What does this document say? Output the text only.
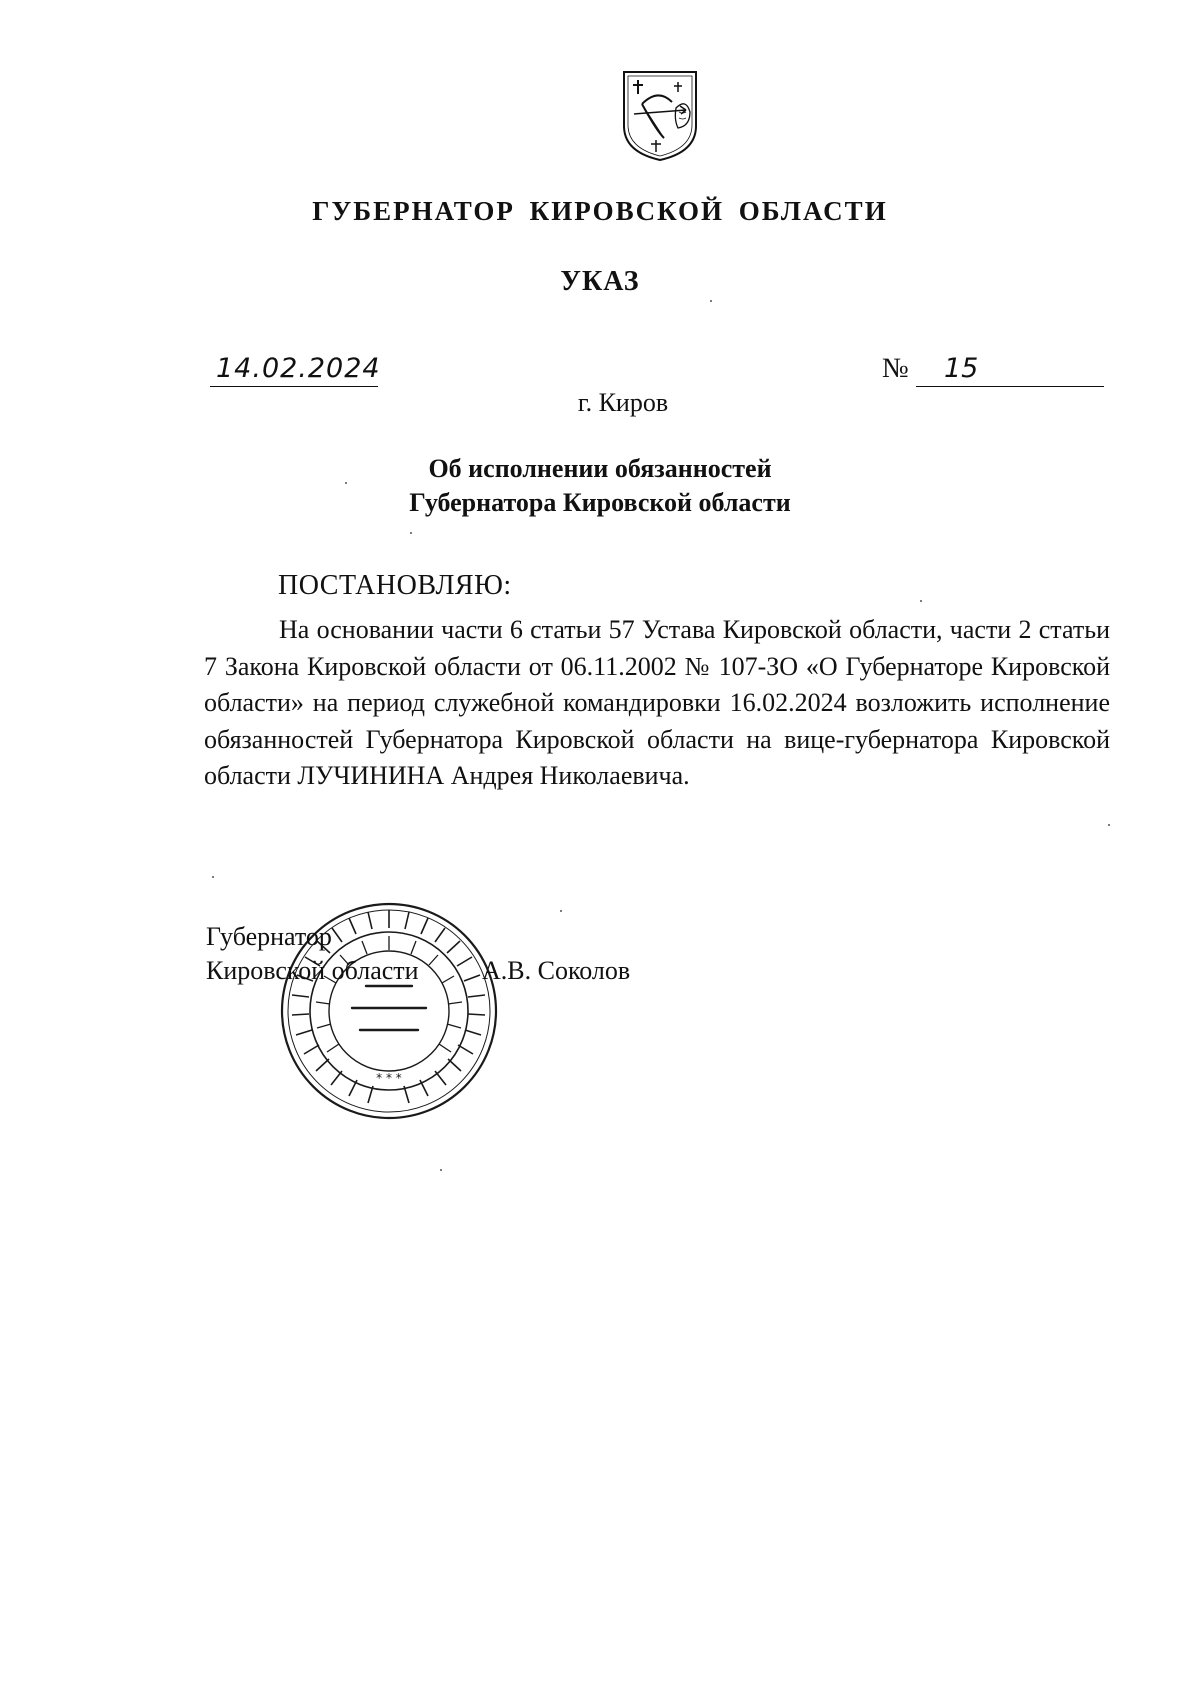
ГУБЕРНАТОР КИРОВСКОЙ ОБЛАСТИ
УКАЗ
14.02.2024	№	15
г. Киров
Об исполнении обязанностей
Губернатора Кировской области
ПОСТАНОВЛЯЮ:
На основании части 6 статьи 57 Устава Кировской области, части 2 статьи 7 Закона Кировской области от 06.11.2002 № 107-ЗО «О Губернаторе Кировской области» на период служебной командировки 16.02.2024 возложить исполнение обязанностей Губернатора Кировской области на вице-губернатора Кировской области ЛУЧИНИНА Андрея Николаевича.
* * *
Губернатор
Кировской области А.В. Соколов
